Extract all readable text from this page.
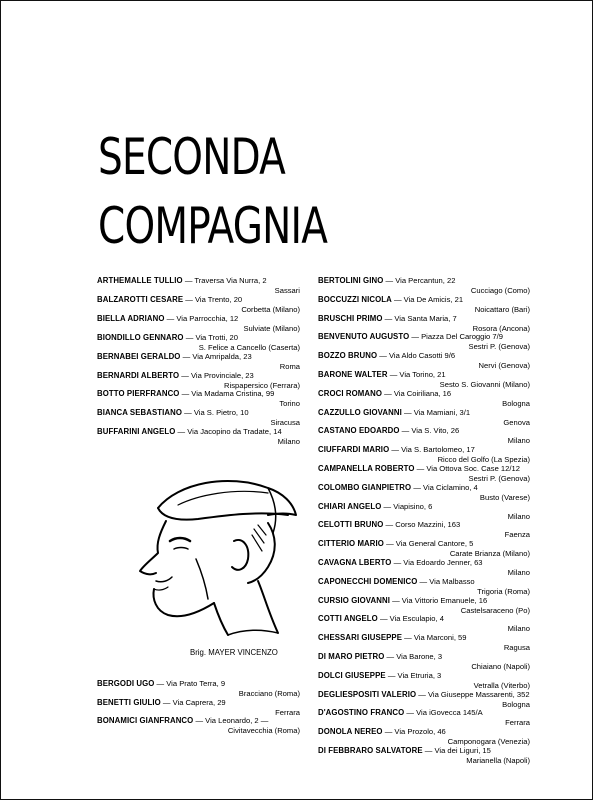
SECONDA
COMPAGNIA
ARTHEMALLE TULLIO — Traversa Via Nurra, 2
Sassari
BALZAROTTI CESARE — Via Trento, 20
Corbetta (Milano)
BIELLA ADRIANO — Via Parrocchia, 12
Sulviate (Milano)
BIONDILLO GENNARO — Via Trotti, 20
S. Felice a Cancello (Caserta)
BERNABEI GERALDO — Via Amripalda, 23
Roma
BERNARDI ALBERTO — Via Provinciale, 23
Rispapersico (Ferrara)
BOTTO PIERFRANCO — Via Madama Cristina, 99
Torino
BIANCA SEBASTIANO — Via S. Pietro, 10
Siracusa
BUFFARINI ANGELO — Via Jacopino da Tradate, 14
Milano
BERGODI UGO — Via Prato Terra, 9
Bracciano (Roma)
BENETTI GIULIO — Via Caprera, 29
Ferrara
BONAMICI GIANFRANCO — Via Leonardo, 2 —
Civitavecchia (Roma)
BERTOLINI GINO — Via Percantun, 22
Cucciago (Como)
BOCCUZZI NICOLA — Via De Amicis, 21
Noicattaro (Bari)
BRUSCHI PRIMO — Via Santa Maria, 7
Rosora (Ancona)
BENVENUTO AUGUSTO — Piazza Del Caroggio 7/9
Sestri P. (Genova)
BOZZO BRUNO — Via Aldo Casotti 9/6
Nervi (Genova)
BARONE WALTER — Via Torino, 21
Sesto S. Giovanni (Milano)
CROCI ROMANO — Via Coiriliana, 16
Bologna
CAZZULLO GIOVANNI — Via Mamiani, 3/1
Genova
CASTANO EDOARDO — Via S. Vito, 26
Milano
CIUFFARDI MARIO — Via S. Bartolomeo, 17
Ricco del Golfo (La Spezia)
CAMPANELLA ROBERTO — Via Ottova Soc. Case 12/12
Sestri P. (Genova)
COLOMBO GIANPIETRO — Via Ciclamino, 4
Busto (Varese)
CHIARI ANGELO — Viapisino, 6
Milano
CELOTTI BRUNO — Corso Mazzini, 163
Faenza
CITTERIO MARIO — Via General Cantore, 5
Carate Brianza (Milano)
CAVAGNA LBERTO — Via Edoardo Jenner, 63
Milano
CAPONECCHI DOMENICO — Via Malbasso
Trigoria (Roma)
CURSIO GIOVANNI — Via Vittorio Emanuele, 16
Castelsaraceno (Po)
COTTI ANGELO — Via Esculapio, 4
Milano
CHESSARI GIUSEPPE — Via Marconi, 59
Ragusa
DI MARO PIETRO — Via Barone, 3
Chiaiano (Napoli)
DOLCI GIUSEPPE — Via Etruria, 3
Vetralla (Viterbo)
DEGLIESPOSITI VALERIO — Via Giuseppe Massarenti, 352
Bologna
D'AGOSTINO FRANCO — Via iGovecca 145/A
Ferrara
DONOLA NEREO — Via Prozolo, 46
Camponogara (Venezia)
DI FEBBRARO SALVATORE — Via dei Liguri, 15
Marianella (Napoli)
Brig. MAYER VINCENZO
